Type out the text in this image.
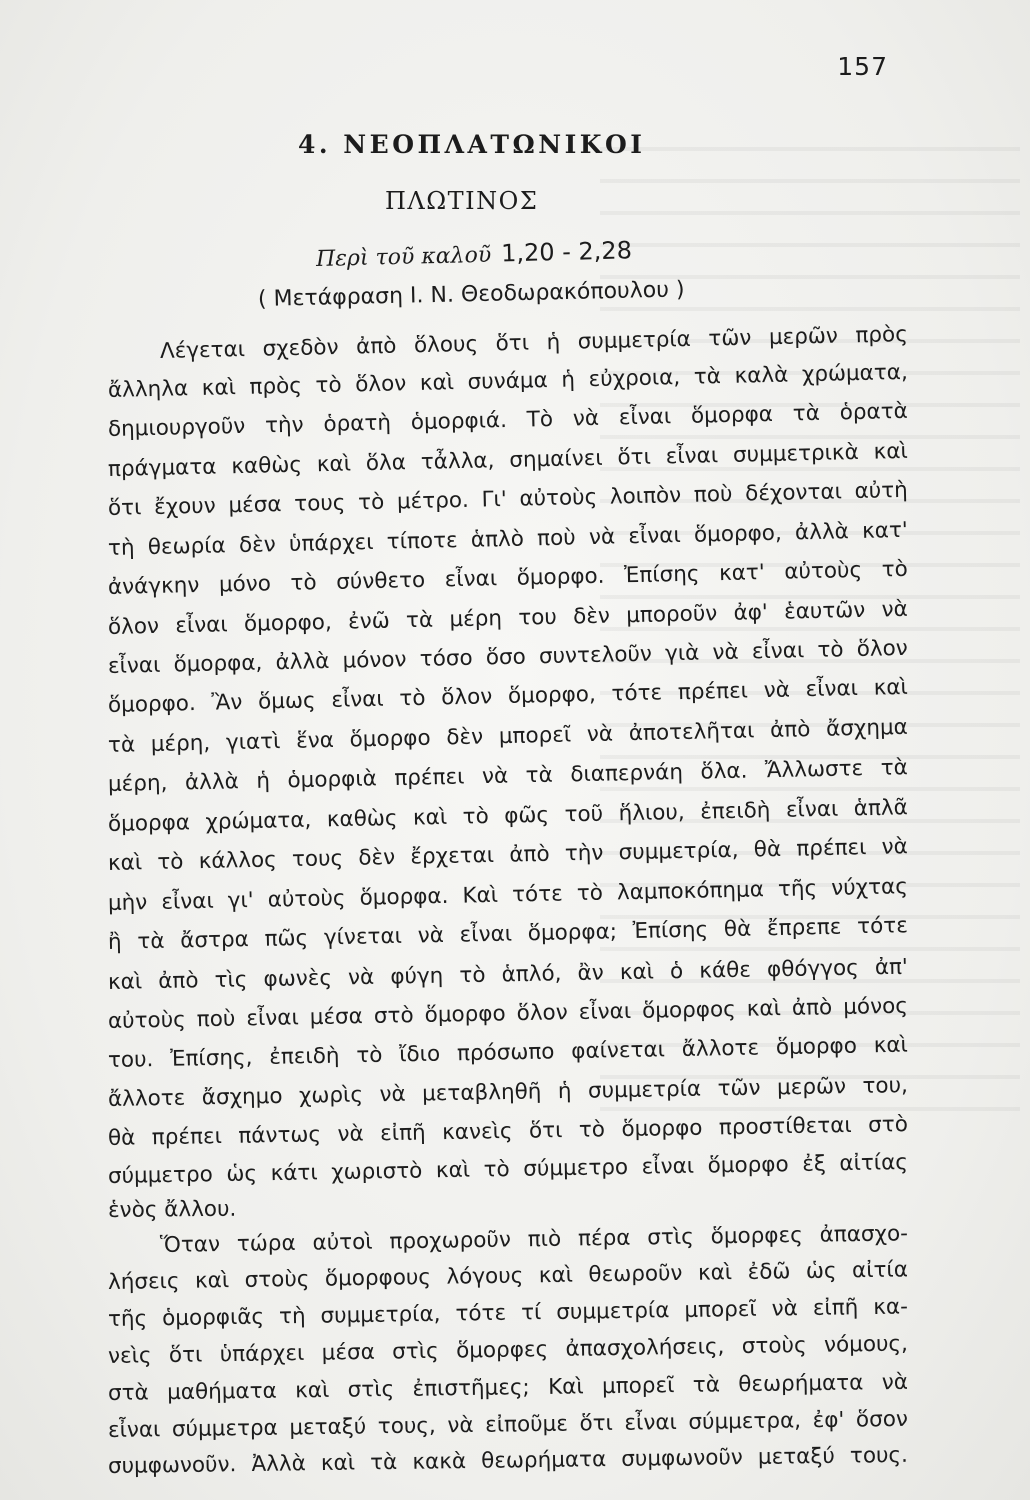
157
4. ΝΕΟΠΛΑΤΩΝΙΚΟΙ
ΠΛΩΤΙΝΟΣ
Περὶ τοῦ καλοῦ 1,20 - 2,28
( Μετάφραση Ι. Ν. Θεοδωρακόπουλου )

Λέγεται σχεδὸν ἀπὸ ὅλους ὅτι ἡ συμμετρία τῶν μερῶν πρὸς

ἄλληλα καὶ πρὸς τὸ ὅλον καὶ συνάμα ἡ εὐχροια, τὰ καλὰ χρώματα,

δημιουργοῦν τὴν ὁρατὴ ὁμορφιά. Τὸ νὰ εἶναι ὅμορφα τὰ ὁρατὰ

πράγματα καθὼς καὶ ὅλα τἆλλα, σημαίνει ὅτι εἶναι συμμετρικὰ καὶ

ὅτι ἔχουν μέσα τους τὸ μέτρο. Γι' αὐτοὺς λοιπὸν ποὺ δέχονται αὐτὴ

τὴ θεωρία δὲν ὑπάρχει τίποτε ἁπλὸ ποὺ νὰ εἶναι ὅμορφο, ἀλλὰ κατ'

ἀνάγκην μόνο τὸ σύνθετο εἶναι ὅμορφο. Ἐπίσης κατ' αὐτοὺς τὸ

ὅλον εἶναι ὅμορφο, ἐνῶ τὰ μέρη του δὲν μποροῦν ἀφ' ἑαυτῶν νὰ

εἶναι ὅμορφα, ἀλλὰ μόνον τόσο ὅσο συντελοῦν γιὰ νὰ εἶναι τὸ ὅλον

ὅμορφο. Ἂν ὅμως εἶναι τὸ ὅλον ὅμορφο, τότε πρέπει νὰ εἶναι καὶ

τὰ μέρη, γιατὶ ἕνα ὅμορφο δὲν μπορεῖ νὰ ἀποτελῆται ἀπὸ ἄσχημα

μέρη, ἀλλὰ ἡ ὁμορφιὰ πρέπει νὰ τὰ διαπερνάη ὅλα. Ἄλλωστε τὰ

ὅμορφα χρώματα, καθὼς καὶ τὸ φῶς τοῦ ἥλιου, ἐπειδὴ εἶναι ἁπλᾶ

καὶ τὸ κάλλος τους δὲν ἔρχεται ἀπὸ τὴν συμμετρία, θὰ πρέπει νὰ

μὴν εἶναι γι' αὐτοὺς ὅμορφα. Καὶ τότε τὸ λαμποκόπημα τῆς νύχτας

ἢ τὰ ἄστρα πῶς γίνεται νὰ εἶναι ὅμορφα; Ἐπίσης θὰ ἔπρεπε τότε

καὶ ἀπὸ τὶς φωνὲς νὰ φύγη τὸ ἁπλό, ἂν καὶ ὁ κάθε φθόγγος ἀπ'

αὐτοὺς ποὺ εἶναι μέσα στὸ ὅμορφο ὅλον εἶναι ὅμορφος καὶ ἀπὸ μόνος

του. Ἐπίσης, ἐπειδὴ τὸ ἴδιο πρόσωπο φαίνεται ἄλλοτε ὅμορφο καὶ

ἄλλοτε ἄσχημο χωρὶς νὰ μεταβληθῆ ἡ συμμετρία τῶν μερῶν του,

θὰ πρέπει πάντως νὰ εἰπῆ κανεὶς ὅτι τὸ ὅμορφο προστίθεται στὸ

σύμμετρο ὡς κάτι χωριστὸ καὶ τὸ σύμμετρο εἶναι ὅμορφο ἐξ αἰτίας

ἑνὸς ἄλλου.

Ὅταν τώρα αὐτοὶ προχωροῦν πιὸ πέρα στὶς ὅμορφες ἀπασχο-

λήσεις καὶ στοὺς ὅμορφους λόγους καὶ θεωροῦν καὶ ἐδῶ ὡς αἰτία

τῆς ὁμορφιᾶς τὴ συμμετρία, τότε τί συμμετρία μπορεῖ νὰ εἰπῆ κα-

νεὶς ὅτι ὑπάρχει μέσα στὶς ὅμορφες ἀπασχολήσεις, στοὺς νόμους,

στὰ μαθήματα καὶ στὶς ἐπιστῆμες; Καὶ μπορεῖ τὰ θεωρήματα νὰ

εἶναι σύμμετρα μεταξύ τους, νὰ εἰποῦμε ὅτι εἶναι σύμμετρα, ἐφ' ὅσον

συμφωνοῦν. Ἀλλὰ καὶ τὰ κακὰ θεωρήματα συμφωνοῦν μεταξύ τους.
